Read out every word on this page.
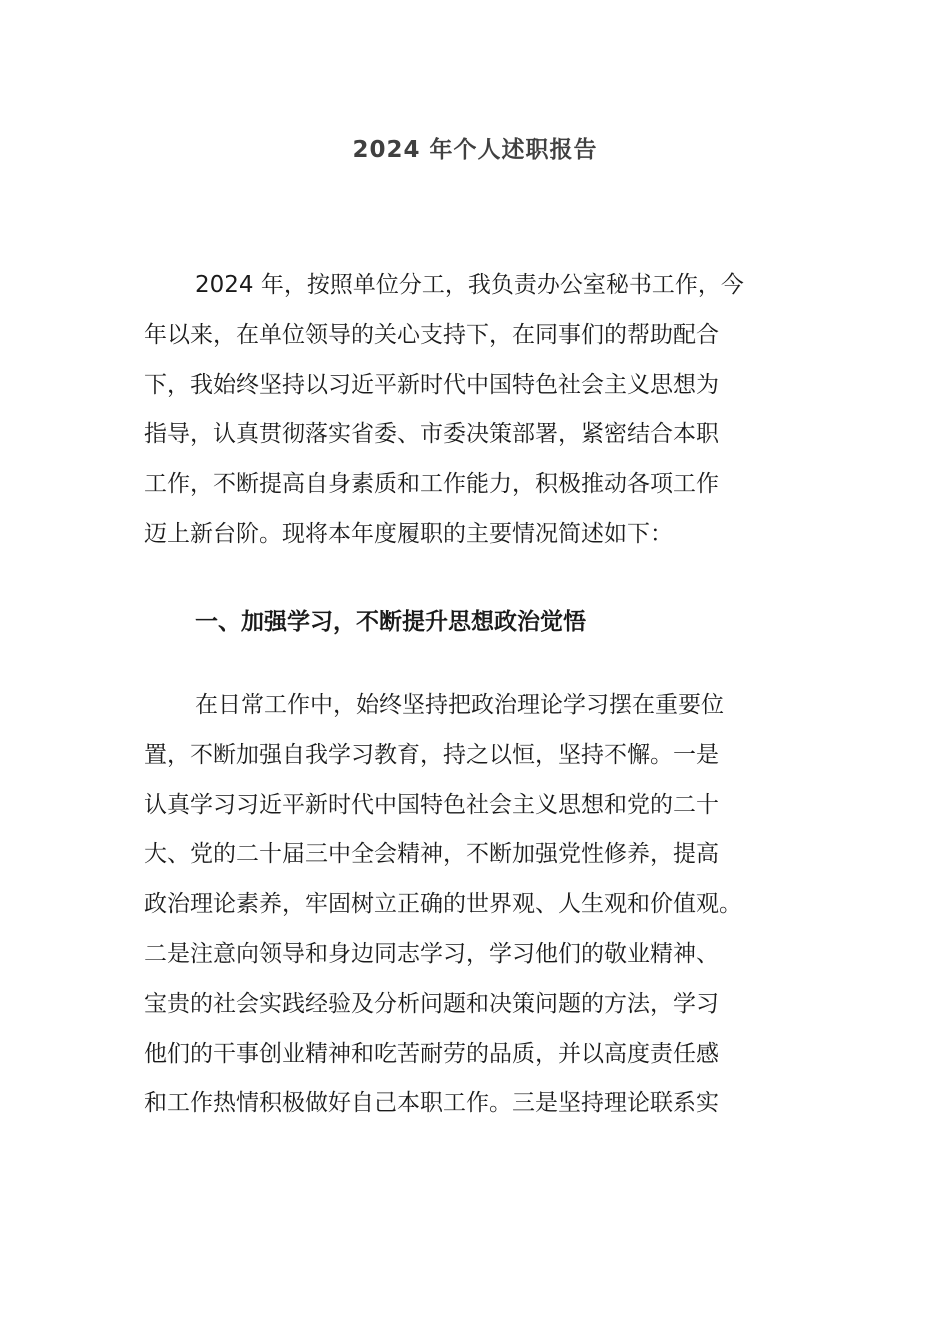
2024 年个人述职报告

2024 年，按照单位分工，我负责办公室秘书工作，今
年以来，在单位领导的关心支持下，在同事们的帮助配合
下，我始终坚持以习近平新时代中国特色社会主义思想为
指导，认真贯彻落实省委、市委决策部署，紧密结合本职
工作，不断提高自身素质和工作能力，积极推动各项工作
迈上新台阶。现将本年度履职的主要情况简述如下：

一、加强学习，不断提升思想政治觉悟

在日常工作中，始终坚持把政治理论学习摆在重要位
置，不断加强自我学习教育，持之以恒，坚持不懈。一是
认真学习习近平新时代中国特色社会主义思想和党的二十
大、党的二十届三中全会精神，不断加强党性修养，提高
政治理论素养，牢固树立正确的世界观、人生观和价值观。
二是注意向领导和身边同志学习，学习他们的敬业精神、
宝贵的社会实践经验及分析问题和决策问题的方法，学习
他们的干事创业精神和吃苦耐劳的品质，并以高度责任感
和工作热情积极做好自己本职工作。三是坚持理论联系实
